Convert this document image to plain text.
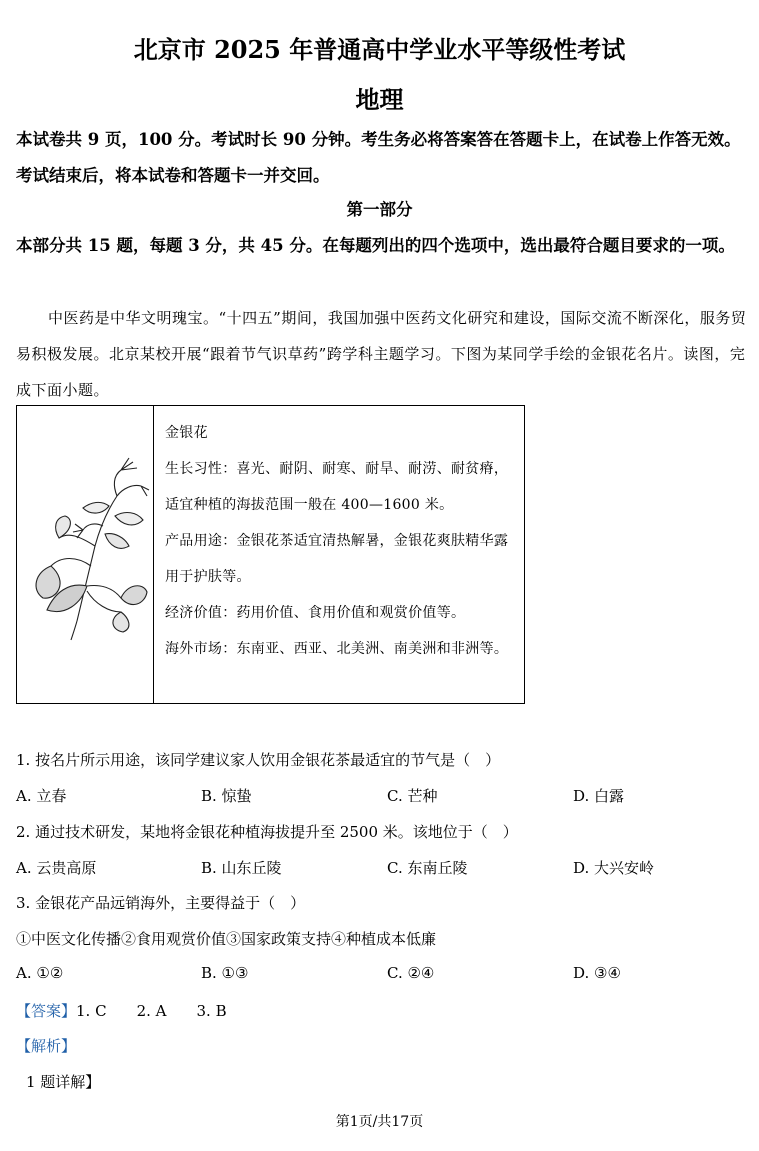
北京市 2025 年普通高中学业水平等级性考试
地理
本试卷共 9 页，100 分。考试时长 90 分钟。考生务必将答案答在答题卡上，在试卷上作答无效。考试结束后，将本试卷和答题卡一并交回。
第一部分
本部分共 15 题，每题 3 分，共 45 分。在每题列出的四个选项中，选出最符合题目要求的一项。
中医药是中华文明瑰宝。“十四五”期间，我国加强中医药文化研究和建设，国际交流不断深化，服务贸易积极发展。北京某校开展“跟着节气识草药”跨学科主题学习。下图为某同学手绘的金银花名片。读图，完成下面小题。
金银花
生长习性：喜光、耐阴、耐寒、耐旱、耐涝、耐贫瘠，适宜种植的海拔范围一般在 400—1600 米。
产品用途：金银花茶适宜清热解暑，金银花爽肤精华露用于护肤等。
经济价值：药用价值、食用价值和观赏价值等。
海外市场：东南亚、西亚、北美洲、南美洲和非洲等。
1. 按名片所示用途，该同学建议家人饮用金银花茶最适宜的节气是（　）
A. 立春	B. 惊蛰	C. 芒种	D. 白露
2. 通过技术研发，某地将金银花种植海拔提升至 2500 米。该地位于（　）
A. 云贵高原	B. 山东丘陵	C. 东南丘陵	D. 大兴安岭
3. 金银花产品远销海外，主要得益于（　）
①中医文化传播②食用观赏价值③国家政策支持④种植成本低廉
A. ①②	B. ①③	C. ②④	D. ③④
【答案】1. C　　2. A　　3. B
【解析】
1 题详解】
第1页/共17页
